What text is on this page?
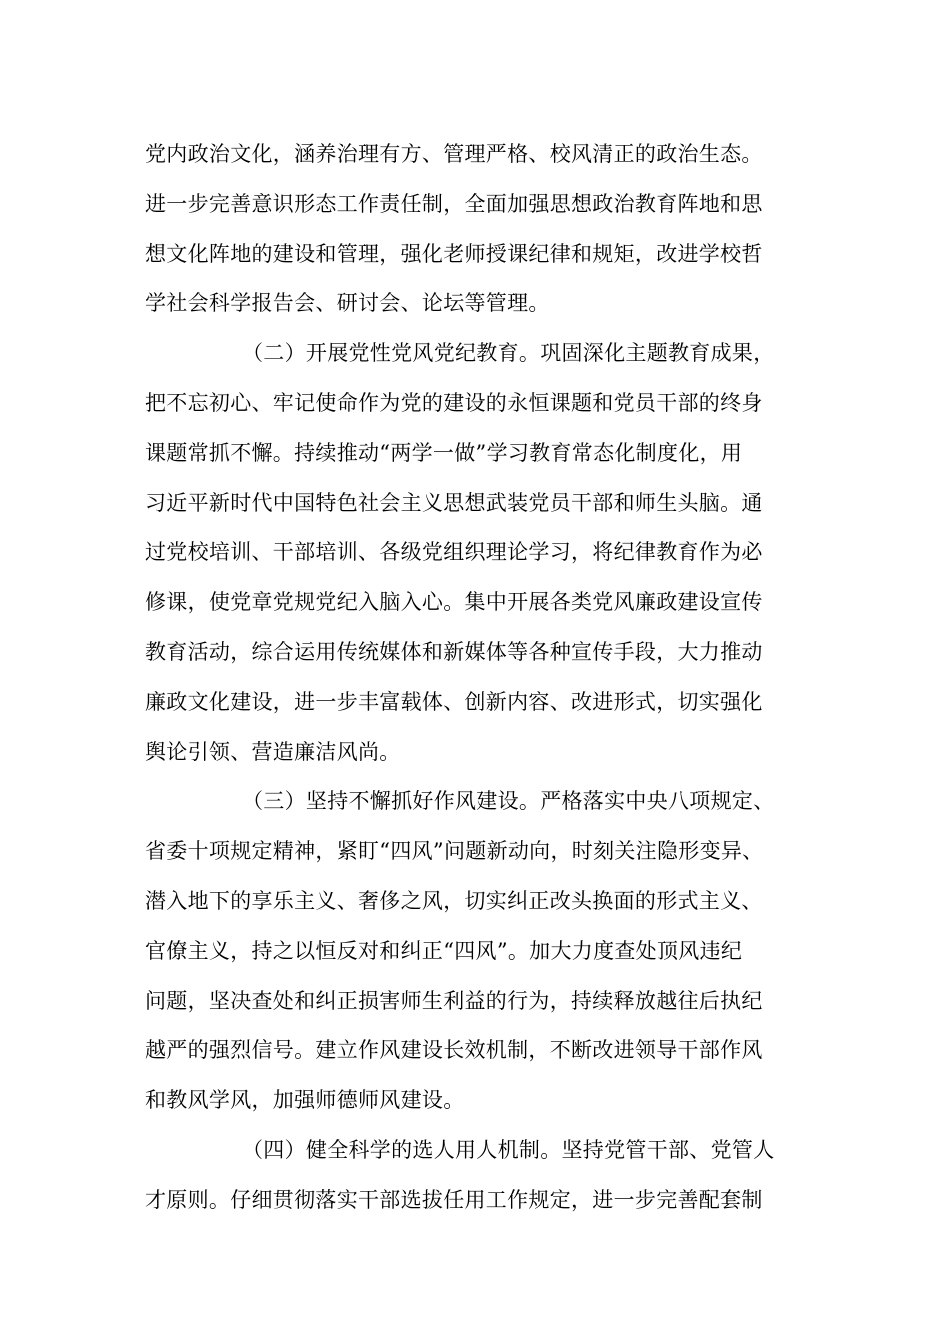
党内政治文化，涵养治理有方、管理严格、校风清正的政治生态。
进一步完善意识形态工作责任制，全面加强思想政治教育阵地和思
想文化阵地的建设和管理，强化老师授课纪律和规矩，改进学校哲
学社会科学报告会、研讨会、论坛等管理。
（二）开展党性党风党纪教育。巩固深化主题教育成果，
把不忘初心、牢记使命作为党的建设的永恒课题和党员干部的终身
课题常抓不懈。持续推动“两学一做”学习教育常态化制度化，用
习近平新时代中国特色社会主义思想武装党员干部和师生头脑。通
过党校培训、干部培训、各级党组织理论学习，将纪律教育作为必
修课，使党章党规党纪入脑入心。集中开展各类党风廉政建设宣传
教育活动，综合运用传统媒体和新媒体等各种宣传手段，大力推动
廉政文化建设，进一步丰富载体、创新内容、改进形式，切实强化
舆论引领、营造廉洁风尚。
（三）坚持不懈抓好作风建设。严格落实中央八项规定、
省委十项规定精神，紧盯“四风”问题新动向，时刻关注隐形变异、
潜入地下的享乐主义、奢侈之风，切实纠正改头换面的形式主义、
官僚主义，持之以恒反对和纠正“四风”。加大力度查处顶风违纪
问题，坚决查处和纠正损害师生利益的行为，持续释放越往后执纪
越严的强烈信号。建立作风建设长效机制，不断改进领导干部作风
和教风学风，加强师德师风建设。
（四）健全科学的选人用人机制。坚持党管干部、党管人
才原则。仔细贯彻落实干部选拔任用工作规定，进一步完善配套制
